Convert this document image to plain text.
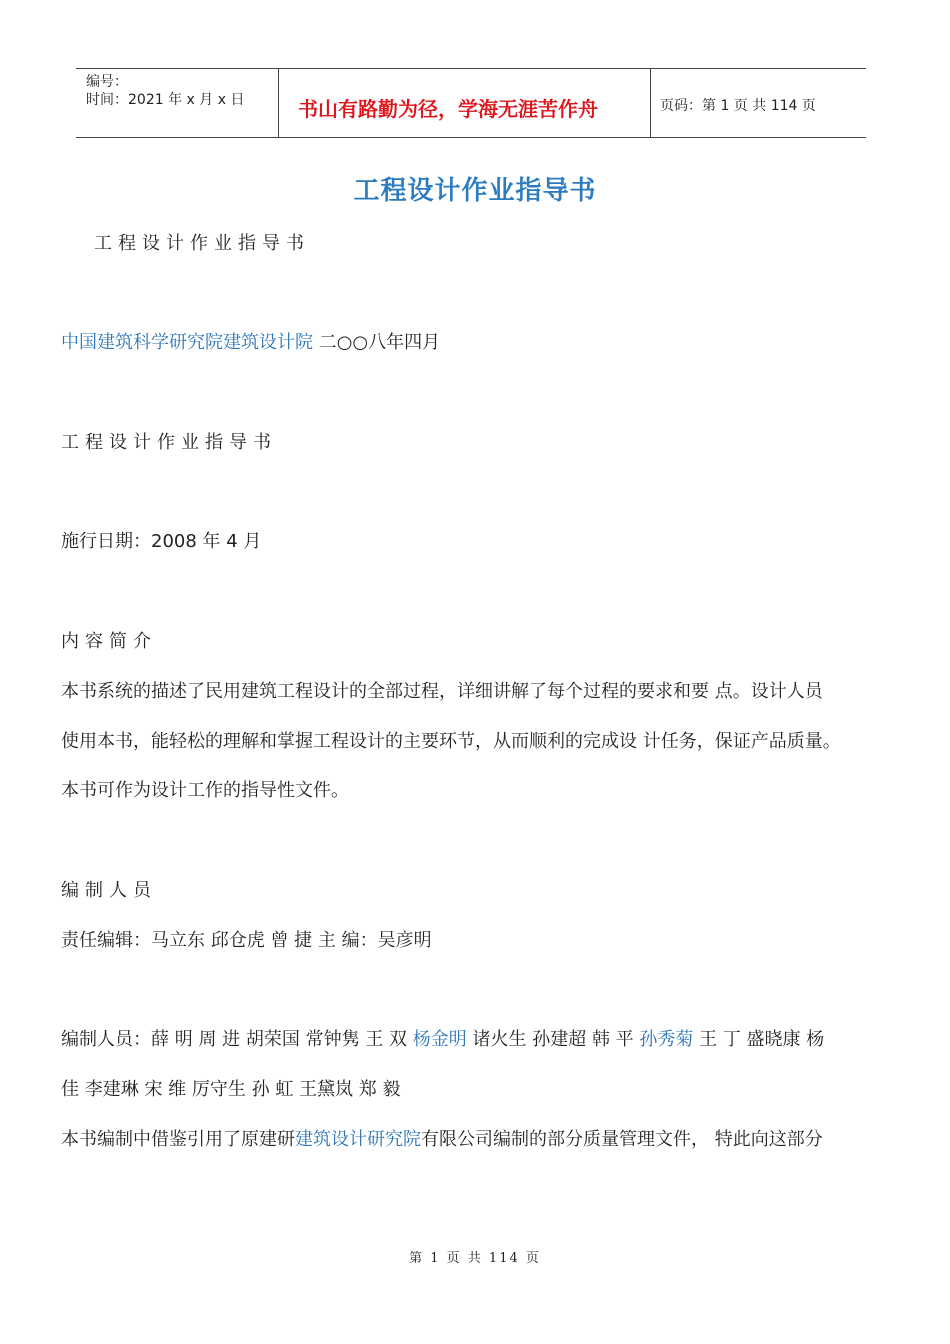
编号：
时间：2021 年 x 月 x 日	书山有路勤为径，学海无涯苦作舟	页码：第 1 页 共 114 页
工程设计作业指导书
工程设计作业指导书
中国建筑科学研究院建筑设计院 二○○八年四月
工程设计作业指导书
施行日期：2008 年 4 月
内容简介
本书系统的描述了民用建筑工程设计的全部过程，详细讲解了每个过程的要求和要 点。设计人员
使用本书，能轻松的理解和掌握工程设计的主要环节，从而顺利的完成设 计任务，保证产品质量。
本书可作为设计工作的指导性文件。
编制人员
责任编辑：马立东 邱仓虎 曾 捷 主 编：吴彦明
编制人员：薛 明 周 进 胡荣国 常钟隽 王 双 杨金明 诸火生 孙建超 韩 平 孙秀菊 王 丁 盛晓康 杨
佳 李建琳 宋 维 厉守生 孙 虹 王黛岚 郑 毅
本书编制中借鉴引用了原建研建筑设计研究院有限公司编制的部分质量管理文件， 特此向这部分
第 1 页 共 114 页
